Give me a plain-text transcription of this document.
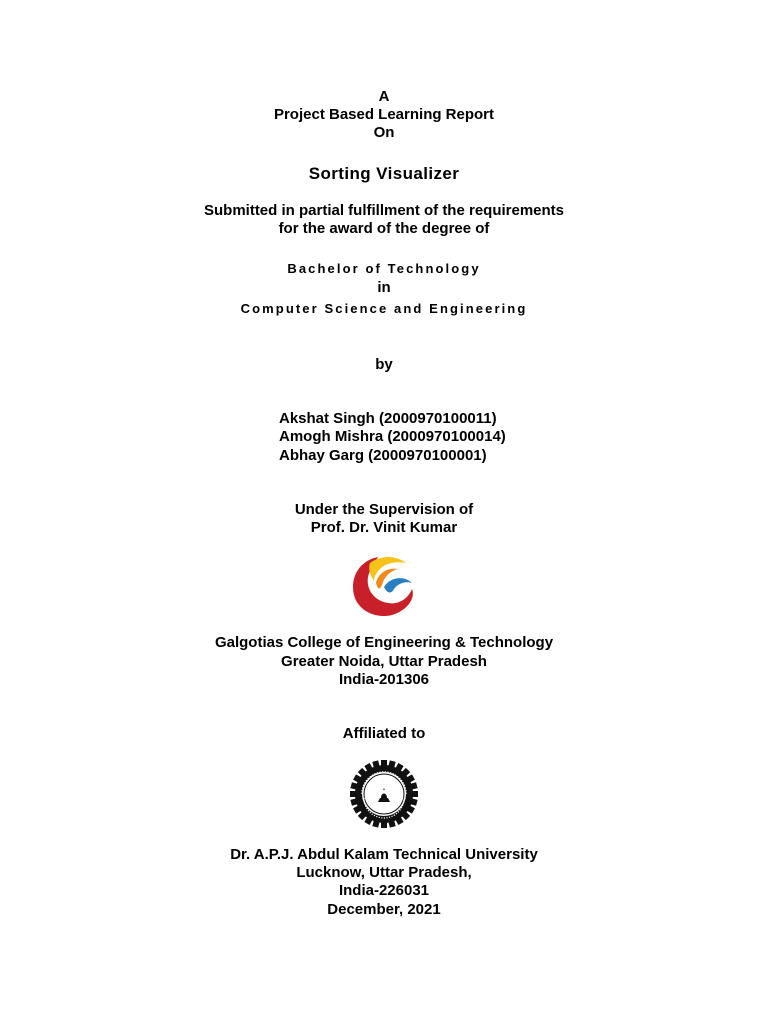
A
Project Based Learning Report
On
Sorting Visualizer
Submitted in partial fulfillment of the requirements
for the award of the degree of
Bachelor of Technology
in
Computer Science and Engineering
by
Akshat Singh (2000970100011)
Amogh Mishra (2000970100014)
Abhay Garg (2000970100001)
Under the Supervision of
Prof. Dr. Vinit Kumar
Galgotias College of Engineering & Technology
Greater Noida, Uttar Pradesh
India-201306
Affiliated to
Dr. A.P.J. Abdul Kalam Technical University
Lucknow, Uttar Pradesh,
India-226031
December, 2021
